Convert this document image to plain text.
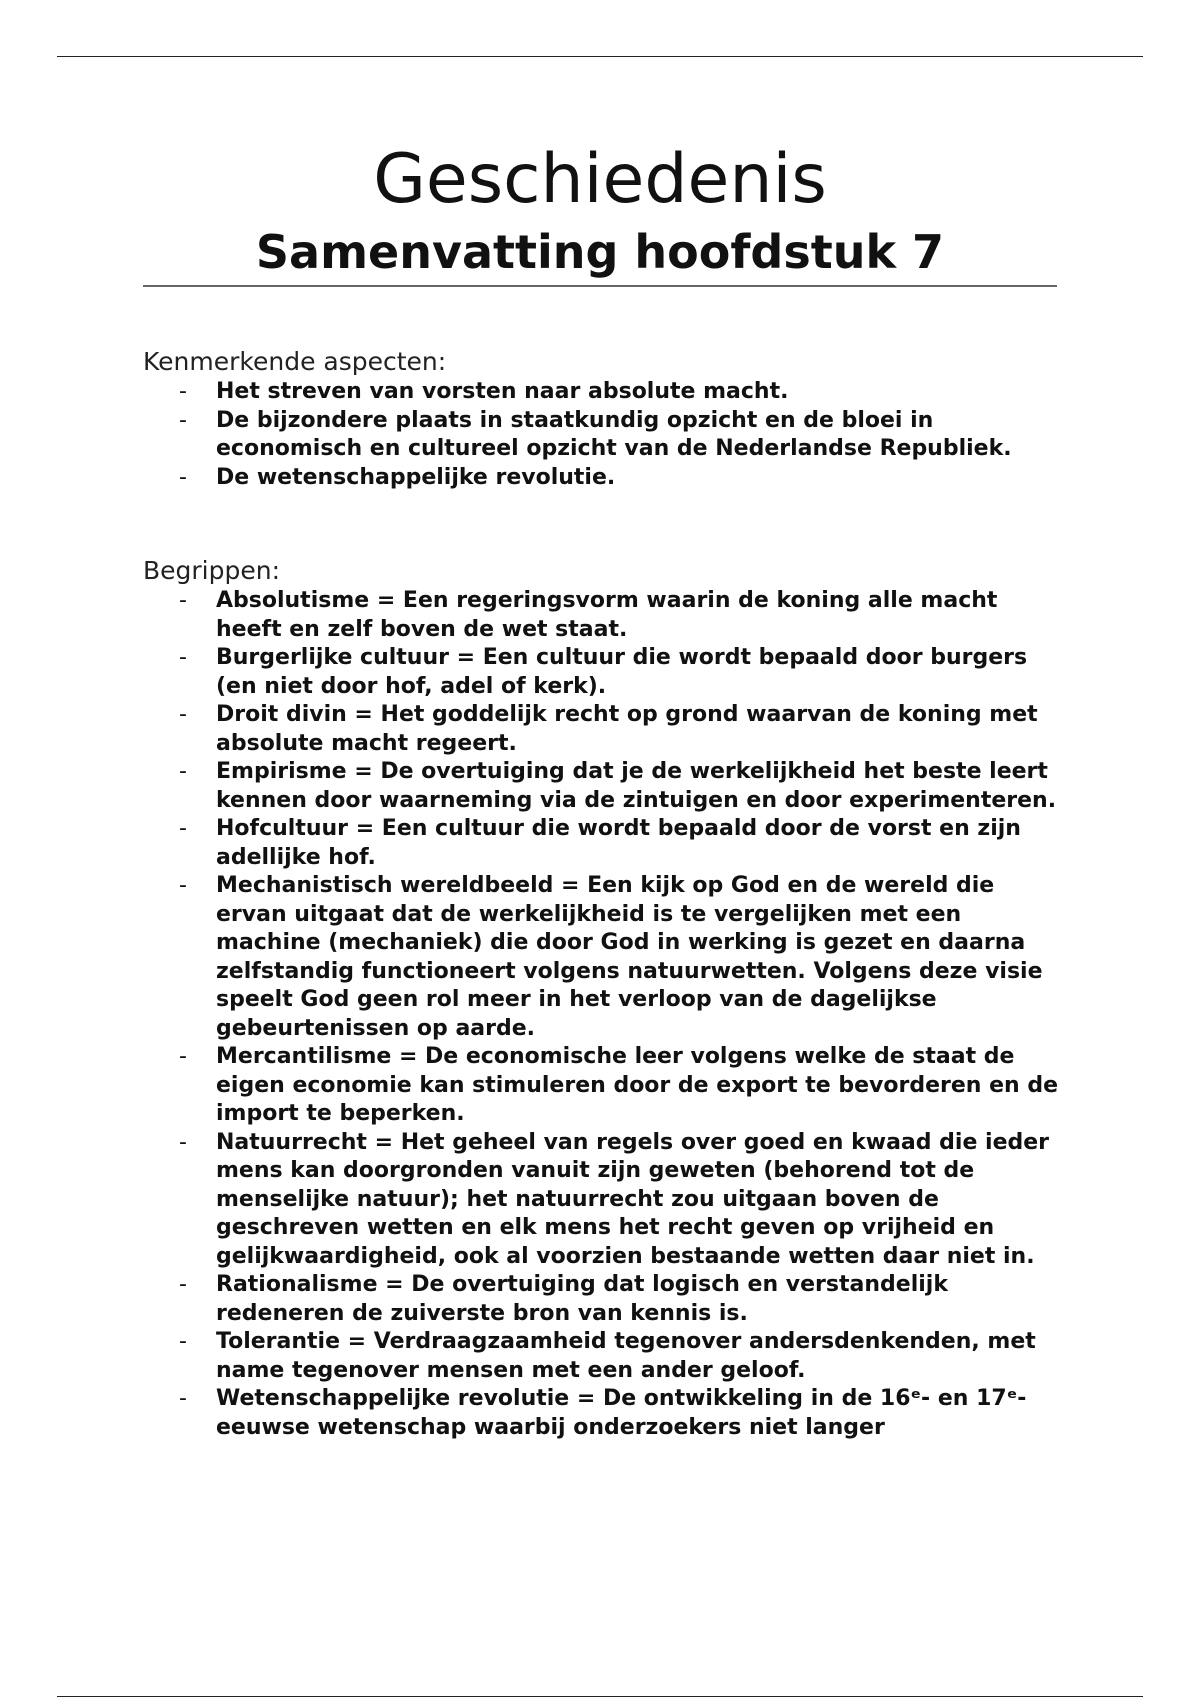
Geschiedenis
Samenvatting hoofdstuk 7

Kenmerkende aspecten:

- Het streven van vorsten naar absolute macht.
- De bijzondere plaats in staatkundig opzicht en de bloei in economisch en cultureel opzicht van de Nederlandse Republiek.
- De wetenschappelijke revolutie.

Begrippen:

- Absolutisme = Een regeringsvorm waarin de koning alle macht heeft en zelf boven de wet staat.
- Burgerlijke cultuur = Een cultuur die wordt bepaald door burgers (en niet door hof, adel of kerk).
- Droit divin = Het goddelijk recht op grond waarvan de koning met absolute macht regeert.
- Empirisme = De overtuiging dat je de werkelijkheid het beste leert kennen door waarneming via de zintuigen en door experimenteren.
- Hofcultuur = Een cultuur die wordt bepaald door de vorst en zijn adellijke hof.
- Mechanistisch wereldbeeld = Een kijk op God en de wereld die ervan uitgaat dat de werkelijkheid is te vergelijken met een machine (mechaniek) die door God in werking is gezet en daarna zelfstandig functioneert volgens natuurwetten. Volgens deze visie speelt God geen rol meer in het verloop van de dagelijkse gebeurtenissen op aarde.
- Mercantilisme = De economische leer volgens welke de staat de eigen economie kan stimuleren door de export te bevorderen en de import te beperken.
- Natuurrecht = Het geheel van regels over goed en kwaad die ieder mens kan doorgronden vanuit zijn geweten (behorend tot de menselijke natuur); het natuurrecht zou uitgaan boven de geschreven wetten en elk mens het recht geven op vrijheid en gelijkwaardigheid, ook al voorzien bestaande wetten daar niet in.
- Rationalisme = De overtuiging dat logisch en verstandelijk redeneren de zuiverste bron van kennis is.
- Tolerantie = Verdraagzaamheid tegenover andersdenkenden, met name tegenover mensen met een ander geloof.
- Wetenschappelijke revolutie = De ontwikkeling in de 16ᵉ- en 17ᵉ-eeuwse wetenschap waarbij onderzoekers niet langer
